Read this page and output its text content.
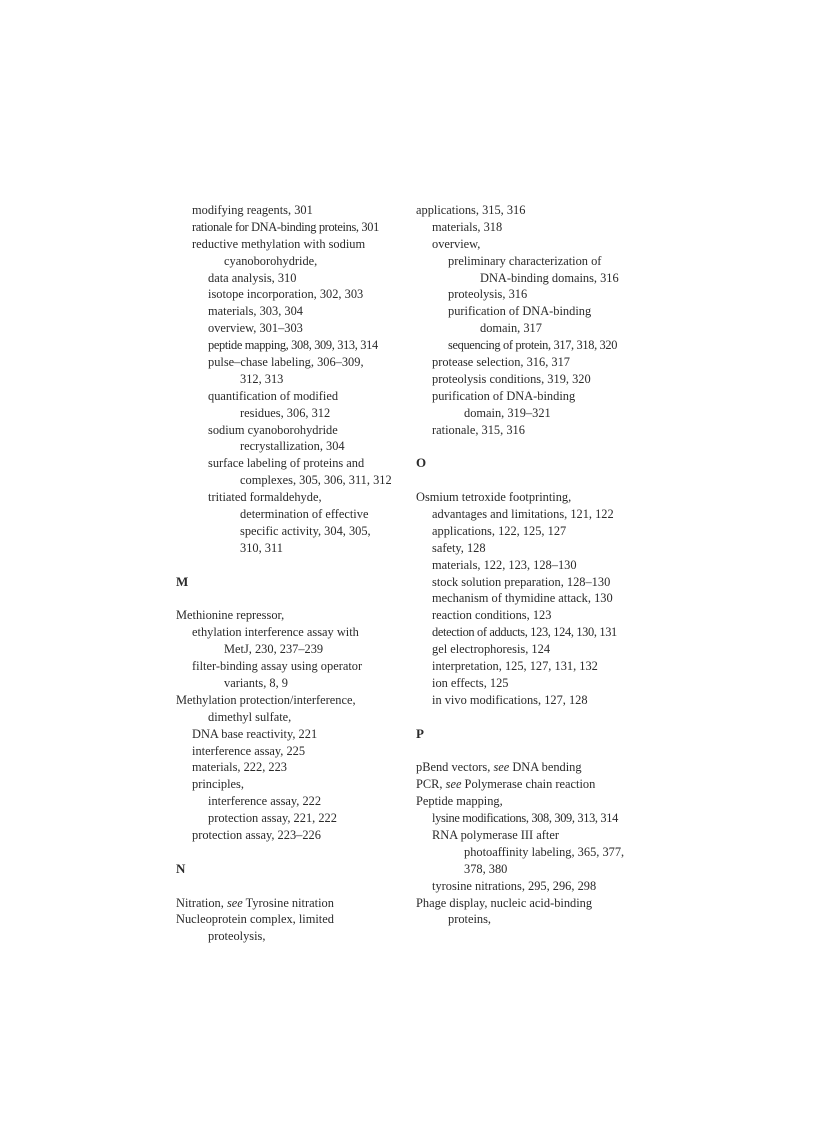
modifying reagents, 301
rationale for DNA-binding proteins, 301
reductive methylation with sodium
cyanoborohydride,
data analysis, 310
isotope incorporation, 302, 303
materials, 303, 304
overview, 301–303
peptide mapping, 308, 309, 313, 314
pulse–chase labeling, 306–309,
312, 313
quantification of modified
residues, 306, 312
sodium cyanoborohydride
recrystallization, 304
surface labeling of proteins and
complexes, 305, 306, 311, 312
tritiated formaldehyde,
determination of effective
specific activity, 304, 305,
310, 311
M
Methionine repressor,
ethylation interference assay with
MetJ, 230, 237–239
filter-binding assay using operator
variants, 8, 9
Methylation protection/interference,
dimethyl sulfate,
DNA base reactivity, 221
interference assay, 225
materials, 222, 223
principles,
interference assay, 222
protection assay, 221, 222
protection assay, 223–226
N
Nitration, see Tyrosine nitration
Nucleoprotein complex, limited
proteolysis,
applications, 315, 316
materials, 318
overview,
preliminary characterization of
DNA-binding domains, 316
proteolysis, 316
purification of DNA-binding
domain, 317
sequencing of protein, 317, 318, 320
protease selection, 316, 317
proteolysis conditions, 319, 320
purification of DNA-binding
domain, 319–321
rationale, 315, 316
O
Osmium tetroxide footprinting,
advantages and limitations, 121, 122
applications, 122, 125, 127
safety, 128
materials, 122, 123, 128–130
stock solution preparation, 128–130
mechanism of thymidine attack, 130
reaction conditions, 123
detection of adducts, 123, 124, 130, 131
gel electrophoresis, 124
interpretation, 125, 127, 131, 132
ion effects, 125
in vivo modifications, 127, 128
P
pBend vectors, see DNA bending
PCR, see Polymerase chain reaction
Peptide mapping,
lysine modifications, 308, 309, 313, 314
RNA polymerase III after
photoaffinity labeling, 365, 377,
378, 380
tyrosine nitrations, 295, 296, 298
Phage display, nucleic acid-binding
proteins,
